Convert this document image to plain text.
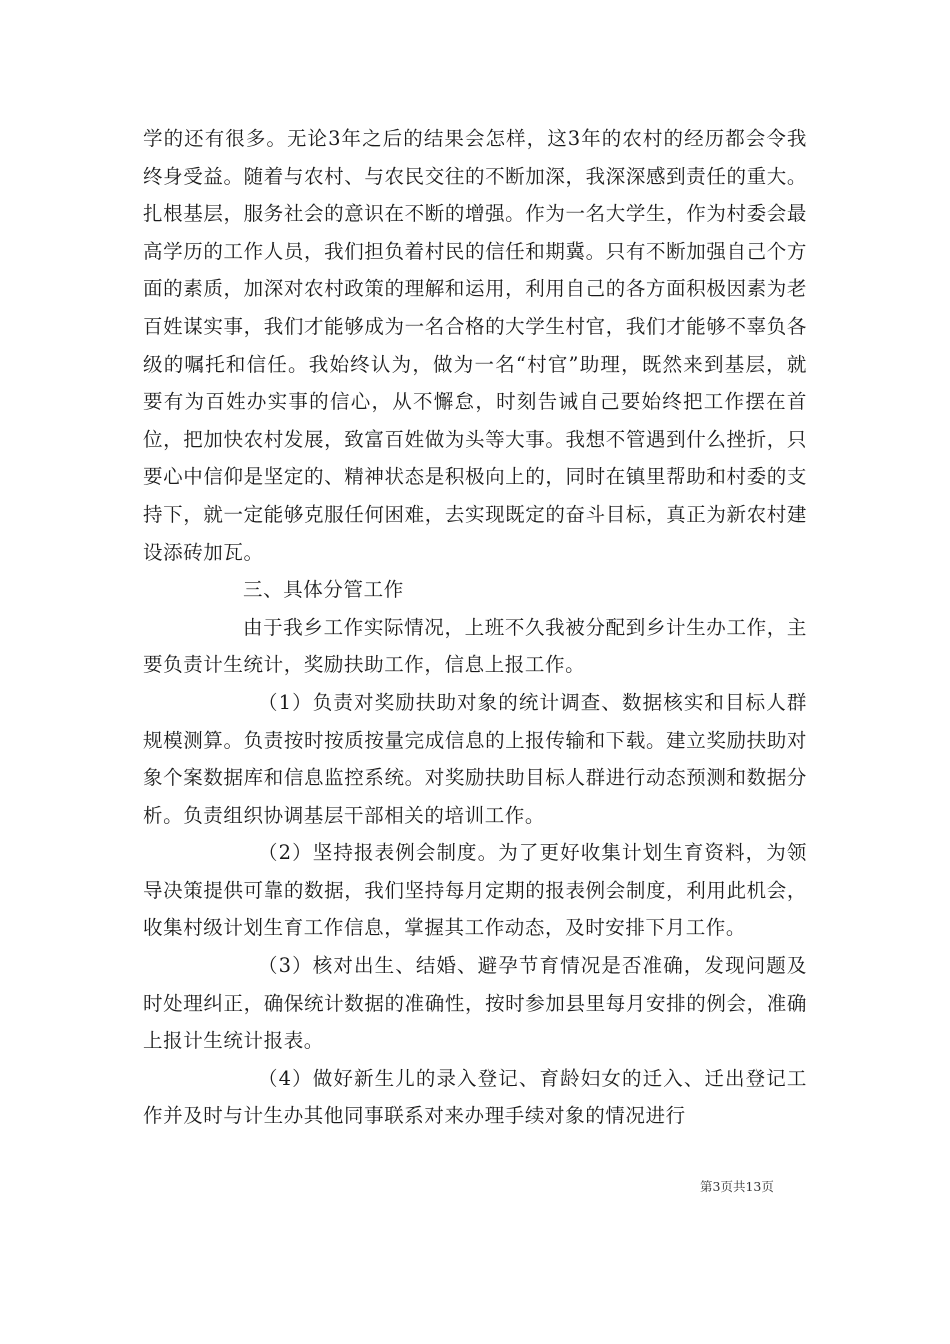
学的还有很多。无论3年之后的结果会怎样，这3年的农村的经历都会令我终身受益。随着与农村、与农民交往的不断加深，我深深感到责任的重大。扎根基层，服务社会的意识在不断的增强。作为一名大学生，作为村委会最高学历的工作人员，我们担负着村民的信任和期冀。只有不断加强自己个方面的素质，加深对农村政策的理解和运用，利用自己的各方面积极因素为老百姓谋实事，我们才能够成为一名合格的大学生村官，我们才能够不辜负各级的嘱托和信任。我始终认为，做为一名“村官”助理，既然来到基层，就要有为百姓办实事的信心，从不懈怠，时刻告诫自己要始终把工作摆在首位，把加快农村发展，致富百姓做为头等大事。我想不管遇到什么挫折，只要心中信仰是坚定的、精神状态是积极向上的，同时在镇里帮助和村委的支持下，就一定能够克服任何困难，去实现既定的奋斗目标，真正为新农村建设添砖加瓦。

三、具体分管工作

由于我乡工作实际情况，上班不久我被分配到乡计生办工作，主要负责计生统计，奖励扶助工作，信息上报工作。

（1）负责对奖励扶助对象的统计调查、数据核实和目标人群规模测算。负责按时按质按量完成信息的上报传输和下载。建立奖励扶助对象个案数据库和信息监控系统。对奖励扶助目标人群进行动态预测和数据分析。负责组织协调基层干部相关的培训工作。

（2）坚持报表例会制度。为了更好收集计划生育资料，为领导决策提供可靠的数据，我们坚持每月定期的报表例会制度，利用此机会，收集村级计划生育工作信息，掌握其工作动态，及时安排下月工作。

（3）核对出生、结婚、避孕节育情况是否准确，发现问题及时处理纠正，确保统计数据的准确性，按时参加县里每月安排的例会，准确上报计生统计报表。

（4）做好新生儿的录入登记、育龄妇女的迁入、迁出登记工作并及时与计生办其他同事联系对来办理手续对象的情况进行

第3页共13页
